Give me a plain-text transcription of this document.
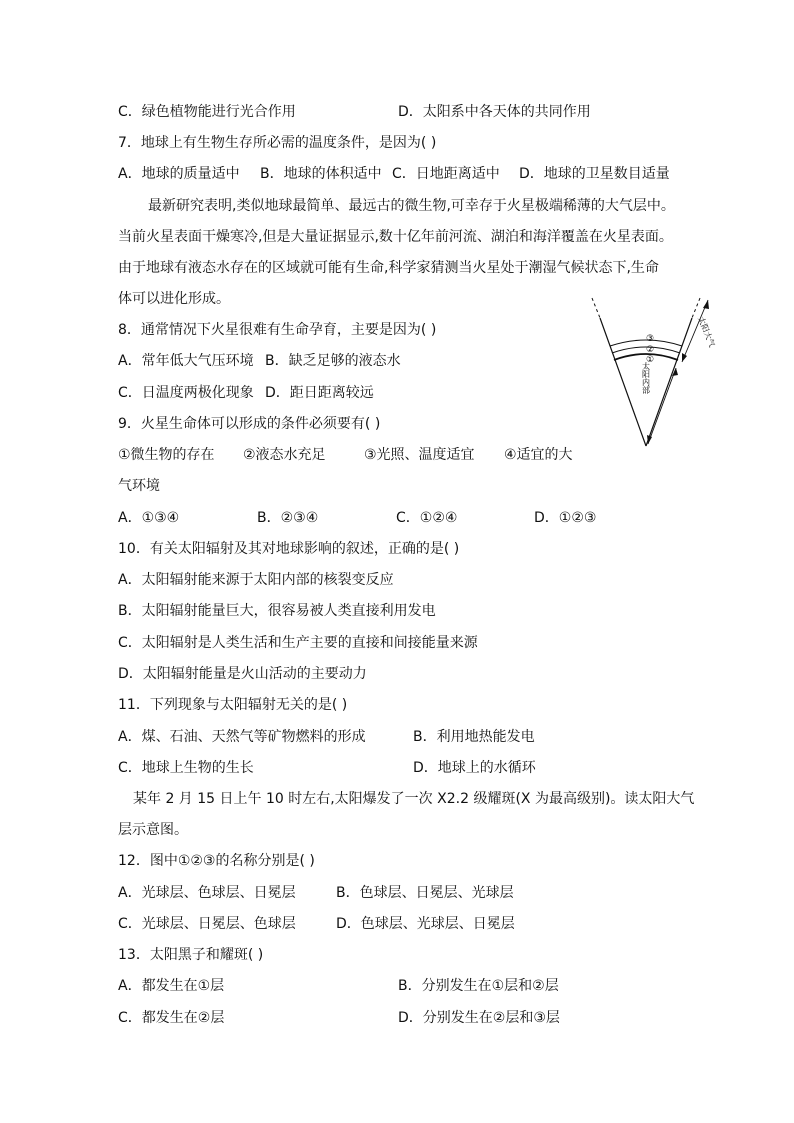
C．绿色植物能进行光合作用	D．太阳系中各天体的共同作用
7．地球上有生物生存所必需的温度条件，是因为( )
A．地球的质量适中 B．地球的体积适中 C．日地距离适中 D．地球的卫星数目适量
最新研究表明,类似地球最简单、最远古的微生物,可幸存于火星极端稀薄的大气层中。
当前火星表面干燥寒冷,但是大量证据显示,数十亿年前河流、湖泊和海洋覆盖在火星表面。
由于地球有液态水存在的区域就可能有生命,科学家猜测当火星处于潮湿气候状态下,生命
体可以进化形成。
8．通常情况下火星很难有生命孕育，主要是因为( )
A．常年低大气压环境 B．缺乏足够的液态水
C．日温度两极化现象 D．距日距离较远
9．火星生命体可以形成的条件必须要有( )
①微生物的存在 ②液态水充足	③光照、温度适宜 ④适宜的大
气环境
A．①③④	B．②③④	C．①②④	D．①②③
10．有关太阳辐射及其对地球影响的叙述，正确的是( )
A．太阳辐射能来源于太阳内部的核裂变反应
B．太阳辐射能量巨大，很容易被人类直接利用发电
C．太阳辐射是人类生活和生产主要的直接和间接能量来源
D．太阳辐射能量是火山活动的主要动力
11．下列现象与太阳辐射无关的是( )
A．煤、石油、天然气等矿物燃料的形成	B．利用地热能发电
C．地球上生物的生长	D．地球上的水循环
某年 2 月 15 日上午 10 时左右,太阳爆发了一次 X2.2 级耀斑(X 为最高级别)。读太阳大气
层示意图。
12．图中①②③的名称分别是( )
A．光球层、色球层、日冕层	B．色球层、日冕层、光球层
C．光球层、日冕层、色球层	D．色球层、光球层、日冕层
13．太阳黑子和耀斑( )
A．都发生在①层	B．分别发生在①层和②层
C．都发生在②层	D．分别发生在②层和③层
③
②
①
太阳内部
太阳大气
